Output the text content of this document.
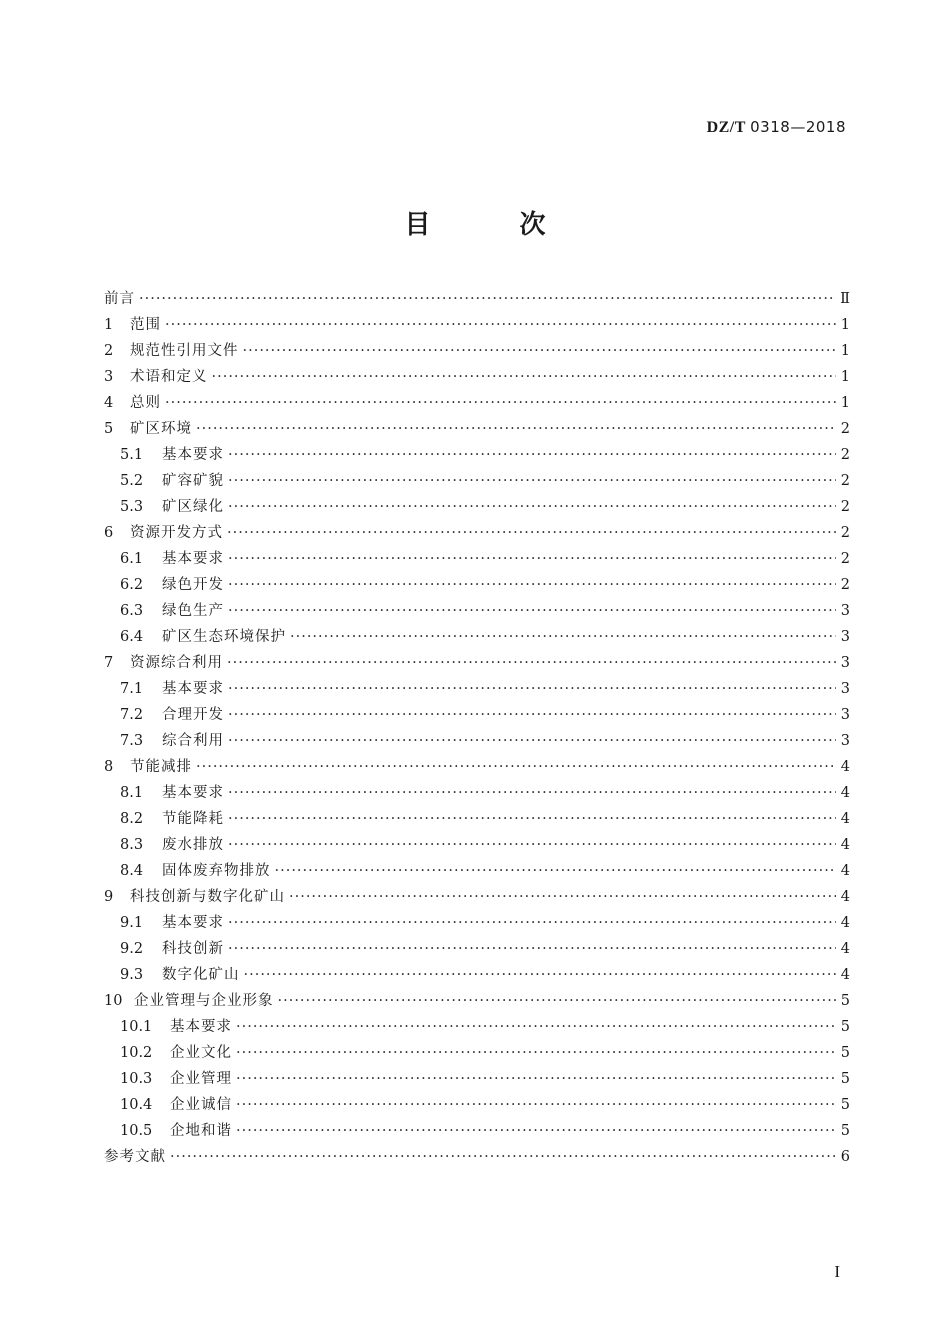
DZ/T 0318—2018
目 次
前言 ·····	Ⅱ
1 范围 ·····	1
2 规范性引用文件 ·····	1
3 术语和定义 ·····	1
4 总则 ·····	1
5 矿区环境 ·····	2
5.1 基本要求 ·····	2
5.2 矿容矿貌 ·····	2
5.3 矿区绿化 ·····	2
6 资源开发方式 ·····	2
6.1 基本要求 ·····	2
6.2 绿色开发 ·····	2
6.3 绿色生产 ·····	3
6.4 矿区生态环境保护 ·····	3
7 资源综合利用 ·····	3
7.1 基本要求 ·····	3
7.2 合理开发 ·····	3
7.3 综合利用 ·····	3
8 节能减排 ·····	4
8.1 基本要求 ·····	4
8.2 节能降耗 ·····	4
8.3 废水排放 ·····	4
8.4 固体废弃物排放 ·····	4
9 科技创新与数字化矿山 ·····	4
9.1 基本要求 ·····	4
9.2 科技创新 ·····	4
9.3 数字化矿山 ·····	4
10 企业管理与企业形象 ·····	5
10.1 基本要求 ·····	5
10.2 企业文化 ·····	5
10.3 企业管理 ·····	5
10.4 企业诚信 ·····	5
10.5 企地和谐 ·····	5
参考文献 ·····	6
I
